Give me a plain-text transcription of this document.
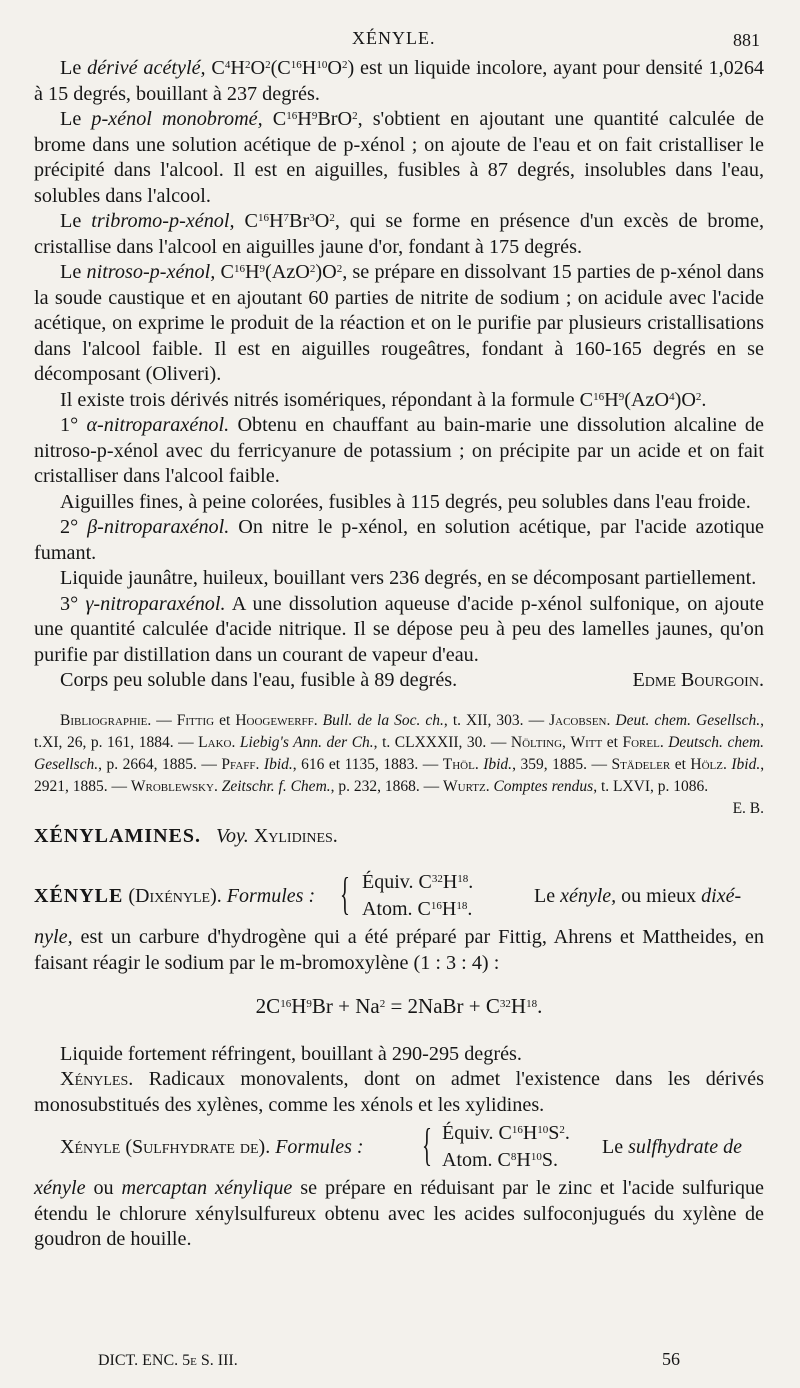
XÉNYLE.	881

Le dérivé acétylé, $C^4H^2O^2(C^{16}H^{10}O^2)$ est un liquide incolore, ayant pour densité 1,0264 à 15 degrés, bouillant à 237 degrés.

Le p-xénol monobromé, $C^{16}H^9BrO^2$, s'obtient en ajoutant une quantité calculée de brome dans une solution acétique de p-xénol ; on ajoute de l'eau et on fait cristalliser le précipité dans l'alcool. Il est en aiguilles, fusibles à 87 degrés, insolubles dans l'eau, solubles dans l'alcool.

Le tribromo-p-xénol, $C^{16}H^7Br^3O^2$, qui se forme en présence d'un excès de brome, cristallise dans l'alcool en aiguilles jaune d'or, fondant à 175 degrés.

Le nitroso-p-xénol, $C^{16}H^9(AzO^2)O^2$, se prépare en dissolvant 15 parties de p-xénol dans la soude caustique et en ajoutant 60 parties de nitrite de sodium ; on acidule avec l'acide acétique, on exprime le produit de la réaction et on le purifie par plusieurs cristallisations dans l'alcool faible. Il est en aiguilles rougeâtres, fondant à 160-165 degrés en se décomposant (Oliveri).

Il existe trois dérivés nitrés isomériques, répondant à la formule $C^{16}H^9(AzO^4)O^2$.

1° α-nitroparaxénol. Obtenu en chauffant au bain-marie une dissolution alcaline de nitroso-p-xénol avec du ferricyanure de potassium ; on précipite par un acide et on fait cristalliser dans l'alcool faible.

Aiguilles fines, à peine colorées, fusibles à 115 degrés, peu solubles dans l'eau froide.

2° β-nitroparaxénol. On nitre le p-xénol, en solution acétique, par l'acide azotique fumant.

Liquide jaunâtre, huileux, bouillant vers 236 degrés, en se décomposant partiellement.

3° γ-nitroparaxénol. A une dissolution aqueuse d'acide p-xénol sulfonique, on ajoute une quantité calculée d'acide nitrique. Il se dépose peu à peu des lamelles jaunes, qu'on purifie par distillation dans un courant de vapeur d'eau.

Corps peu soluble dans l'eau, fusible à 89 degrés.	Edme Bourgoin.

Bibliographie. — Fittig et Hoogewerff. Bull. de la Soc. ch., t. XII, 303. — Jacobsen. Deut. chem. Gesellsch., t.XI, 26, p. 161, 1884. — Lako. Liebig's Ann. der Ch., t. CLXXXII, 30. — Nölting, Witt et Forel. Deutsch. chem. Gesellsch., p. 2664, 1885. — Pfaff. Ibid., 616 et 1135, 1883. — Thöl. Ibid., 359, 1885. — Städeler et Hölz. Ibid., 2921, 1885. — Wroblewsky. Zeitschr. f. Chem., p. 232, 1868. — Wurtz. Comptes rendus, t. LXVI, p. 1086.
E. B.

XÉNYLAMINES. Voy. Xylidines.

XÉNYLE (Dixényle). Formules : { Équiv. $C^{32}H^{18}$.
Atom. $C^{16}H^{18}$.
Le xényle, ou mieux dixé-

nyle, est un carbure d'hydrogène qui a été préparé par Fittig, Ahrens et Mattheides, en faisant réagir le sodium par le m-bromoxylène (1 : 3 : 4) :

$2C^{16}H^9Br + Na^2$ = 2NaBr + $C^{32}H^{18}$.

Liquide fortement réfringent, bouillant à 290-295 degrés.

Xényles. Radicaux monovalents, dont on admet l'existence dans les dérivés monosubstitués des xylènes, comme les xénols et les xylidines.

Xényle (Sulfhydrate de). Formules : { Équiv. $C^{16}H^{10}S^2$.
Atom. $C^8H^{10}S$.
Le sulfhydrate de

xényle ou mercaptan xénylique se prépare en réduisant par le zinc et l'acide sulfurique étendu le chlorure xénylsulfureux obtenu avec les acides sulfoconjugués du xylène de goudron de houille.

DICT. ENC. 5e S. III.	56
